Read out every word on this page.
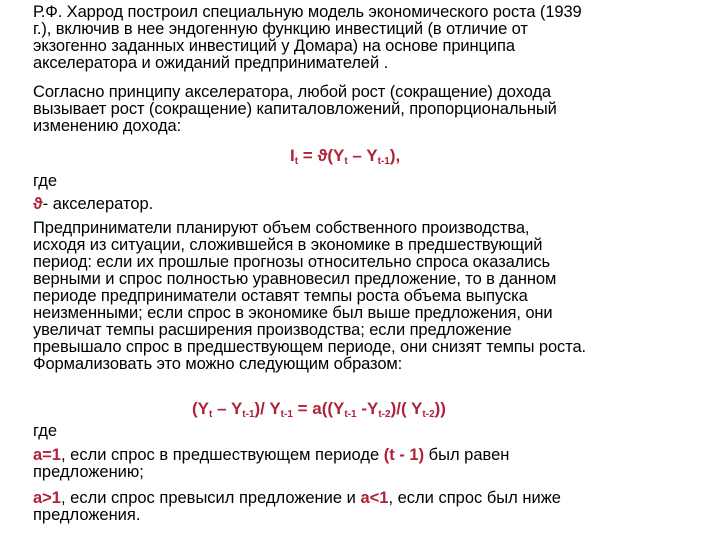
Р.Ф. Харрод построил специальную модель экономического роста (1939
г.), включив в нее эндогенную функцию инвестиций (в отличие от
экзогенно заданных инвестиций у Домара) на основе принципа
акселератора и ожиданий предпринимателей .
Согласно принципу акселератора, любой рост (сокращение) дохода
вызывает рост (сокращение) капиталовложений, пропорциональный
изменению дохода:
$I_t = ϑ(Y_t - Y_{t-1})$,
где
ϑ- акселератор.
Предприниматели планируют объем собственного производства,
исходя из ситуации, сложившейся в экономике в предшествующий
период: если их прошлые прогнозы относительно спроса оказались
верными и спрос полностью уравновесил предложение, то в данном
периоде предприниматели оставят темпы роста объема выпуска
неизменными; если спрос в экономике был выше предложения, они
увеличат темпы расширения производства; если предложение
превышало спрос в предшествующем периоде, они снизят темпы роста.
Формализовать это можно следующим образом:
$(Y_t - Y_{t-1})/$ $Y_{t-1} = a((Y_{t-1}$ $-Y_{t-2})/$( $Y_{t-2}$))
где
a=1, если спрос в предшествующем периоде (t - 1) был равен
предложению;
a>1, если спрос превысил предложение и a<1, если спрос был ниже
предложения.
